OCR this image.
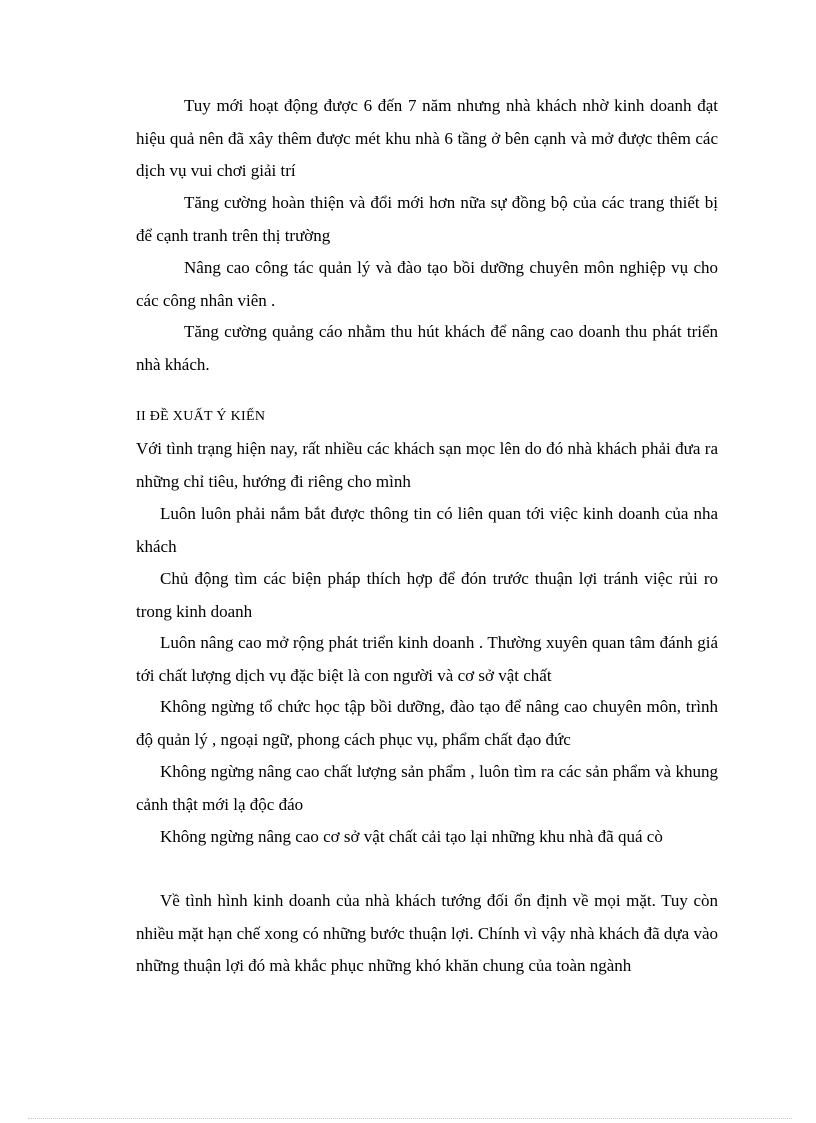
Tuy mới hoạt động được 6 đến 7 năm nhưng nhà khách nhờ kinh doanh đạt hiệu quả nên đã xây thêm được mét khu nhà 6 tầng ở bên cạnh và mở được thêm các dịch vụ vui chơi giải trí

Tăng cường hoàn thiện và đổi mới hơn nữa sự đồng bộ của các trang thiết bị để cạnh tranh trên thị trường

Nâng cao công tác quản lý và đào tạo bồi dưỡng chuyên môn nghiệp vụ cho các công nhân viên .

Tăng cường quảng cáo nhằm thu hút khách để nâng cao doanh thu phát triển nhà khách.

II ĐỀ XUẤT Ý KIẾN

Với tình trạng hiện nay, rất nhiều các khách sạn mọc lên do đó nhà khách phải đưa ra những chỉ tiêu, hướng đi riêng cho mình

Luôn luôn phải nắm bắt được thông tin có liên quan tới việc kinh doanh của nha khách

Chủ động tìm các biện pháp thích hợp để đón trước thuận lợi tránh việc rủi ro trong kinh doanh

Luôn nâng cao mở rộng phát triển kinh doanh . Thường xuyên quan tâm đánh giá tới chất lượng dịch vụ đặc biệt là con người và cơ sở vật chất

Không ngừng tổ chức học tập bồi dưỡng, đào tạo để nâng cao chuyên môn, trình độ quản lý , ngoại ngữ, phong cách phục vụ, phẩm chất đạo đức

Không ngừng nâng cao chất lượng sản phẩm , luôn tìm ra các sản phẩm và khung cảnh thật mới lạ độc đáo

Không ngừng nâng cao cơ sở vật chất cải tạo lại những khu nhà đã quá cò

Về tình hình kinh doanh của nhà khách tướng đối ổn định về mọi mặt. Tuy còn nhiều mặt hạn chế xong có những bước thuận lợi. Chính vì vậy nhà khách đã dựa vào những thuận lợi đó mà khắc phục những khó khăn chung của toàn ngành
